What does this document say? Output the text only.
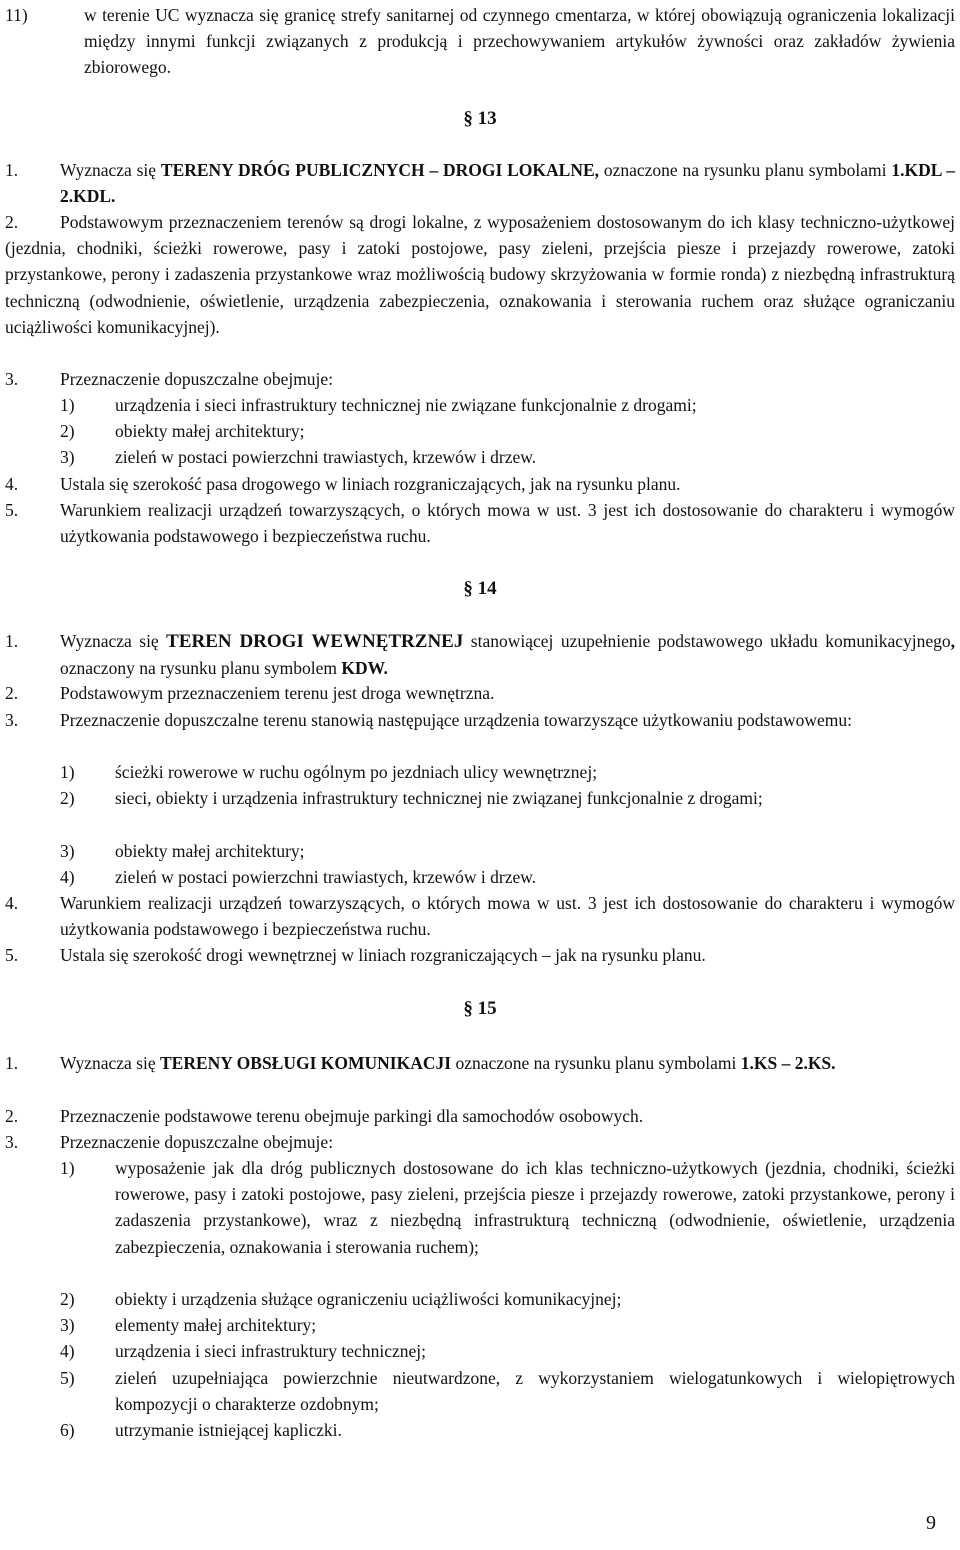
11)	w terenie UC wyznacza się granicę strefy sanitarnej od czynnego cmentarza, w której obowiązują ograniczenia lokalizacji między innymi funkcji związanych z produkcją i przechowywaniem artykułów żywności oraz zakładów żywienia zbiorowego.
§ 13
1. Wyznacza się TERENY DRÓG PUBLICZNYCH – DROGI LOKALNE, oznaczone na rysunku planu symbolami 1.KDL – 2.KDL.
2.	Podstawowym przeznaczeniem terenów są drogi lokalne, z wyposażeniem dostosowanym do ich klasy techniczno-użytkowej (jezdnia, chodniki, ścieżki rowerowe, pasy i zatoki postojowe, pasy zieleni, przejścia piesze i przejazdy rowerowe, zatoki przystankowe, perony i zadaszenia przystankowe wraz możliwością budowy skrzyżowania w formie ronda) z niezbędną infrastrukturą techniczną (odwodnienie, oświetlenie, urządzenia zabezpieczenia, oznakowania i sterowania ruchem oraz służące ograniczaniu uciążliwości komunikacyjnej).
3. Przeznaczenie dopuszczalne obejmuje:
1) urządzenia i sieci infrastruktury technicznej nie związane funkcjonalnie z drogami;
2) obiekty małej architektury;
3) zieleń w postaci powierzchni trawiastych, krzewów i drzew.
4. Ustala się szerokość pasa drogowego w liniach rozgraniczających, jak na rysunku planu.
5. Warunkiem realizacji urządzeń towarzyszących, o których mowa w ust. 3 jest ich dostosowanie do charakteru i wymogów użytkowania podstawowego i bezpieczeństwa ruchu.
§ 14
1. Wyznacza się TEREN DROGI WEWNĘTRZNEJ stanowiącej uzupełnienie podstawowego układu komunikacyjnego, oznaczony na rysunku planu symbolem KDW.
2. Podstawowym przeznaczeniem terenu jest droga wewnętrzna.
3. Przeznaczenie dopuszczalne terenu stanowią następujące urządzenia towarzyszące użytkowaniu podstawowemu:
1) ścieżki rowerowe w ruchu ogólnym po jezdniach ulicy wewnętrznej;
2) sieci, obiekty i urządzenia infrastruktury technicznej nie związanej funkcjonalnie z drogami;
3) obiekty małej architektury;
4) zieleń w postaci powierzchni trawiastych, krzewów i drzew.
4. Warunkiem realizacji urządzeń towarzyszących, o których mowa w ust. 3 jest ich dostosowanie do charakteru i wymogów użytkowania podstawowego i bezpieczeństwa ruchu.
5. Ustala się szerokość drogi wewnętrznej w liniach rozgraniczających – jak na rysunku planu.
§ 15
1. Wyznacza się TERENY OBSŁUGI KOMUNIKACJI oznaczone na rysunku planu symbolami 1.KS – 2.KS.
2. Przeznaczenie podstawowe terenu obejmuje parkingi dla samochodów osobowych.
3. Przeznaczenie dopuszczalne obejmuje:
1) wyposażenie jak dla dróg publicznych dostosowane do ich klas techniczno-użytkowych (jezdnia, chodniki, ścieżki rowerowe, pasy i zatoki postojowe, pasy zieleni, przejścia piesze i przejazdy rowerowe, zatoki przystankowe, perony i zadaszenia przystankowe), wraz z niezbędną infrastrukturą techniczną (odwodnienie, oświetlenie, urządzenia zabezpieczenia, oznakowania i sterowania ruchem);
2) obiekty i urządzenia służące ograniczeniu uciążliwości komunikacyjnej;
3) elementy małej architektury;
4) urządzenia i sieci infrastruktury technicznej;
5) zieleń uzupełniająca powierzchnie nieutwardzone, z wykorzystaniem wielogatunkowych i wielopiętrowych kompozycji o charakterze ozdobnym;
6) utrzymanie istniejącej kapliczki.
9
